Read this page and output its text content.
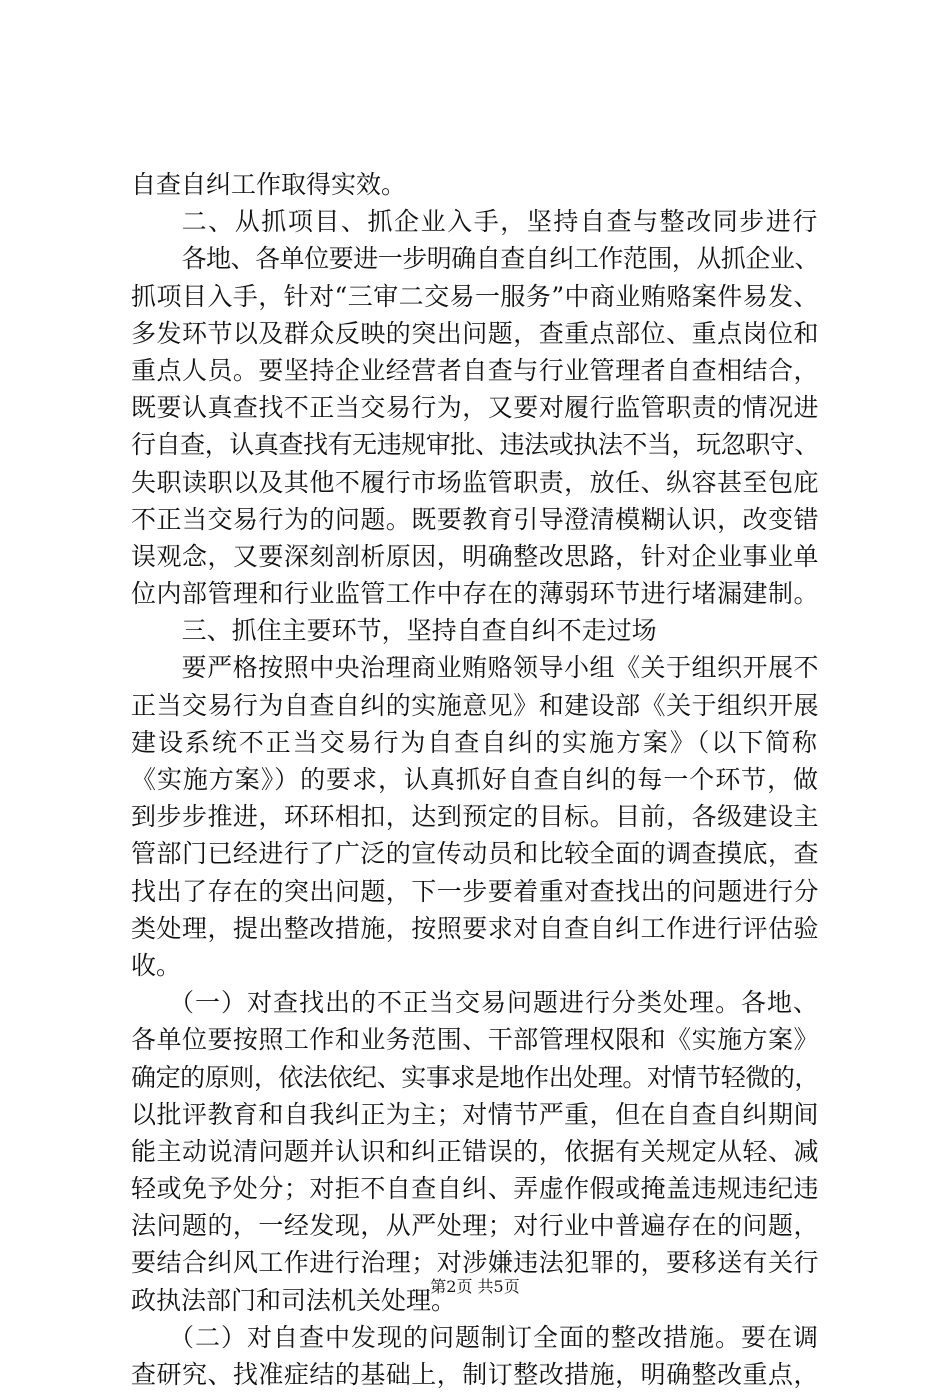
自查自纠工作取得实效。
二、从抓项目、抓企业入手，坚持自查与整改同步进行
各地、各单位要进一步明确自查自纠工作范围，从抓企业、
抓项目入手，针对“三审二交易一服务”中商业贿赂案件易发、
多发环节以及群众反映的突出问题，查重点部位、重点岗位和
重点人员。要坚持企业经营者自查与行业管理者自查相结合，
既要认真查找不正当交易行为，又要对履行监管职责的情况进
行自查，认真查找有无违规审批、违法或执法不当，玩忽职守、
失职读职以及其他不履行市场监管职责，放任、纵容甚至包庇
不正当交易行为的问题。既要教育引导澄清模糊认识，改变错
误观念，又要深刻剖析原因，明确整改思路，针对企业事业单
位内部管理和行业监管工作中存在的薄弱环节进行堵漏建制。
三、抓住主要环节，坚持自查自纠不走过场
要严格按照中央治理商业贿赂领导小组《关于组织开展不
正当交易行为自查自纠的实施意见》和建设部《关于组织开展
建设系统不正当交易行为自查自纠的实施方案》（以下简称
《实施方案》）的要求，认真抓好自查自纠的每一个环节，做
到步步推进，环环相扣，达到预定的目标。目前，各级建设主
管部门已经进行了广泛的宣传动员和比较全面的调查摸底，查
找出了存在的突出问题，下一步要着重对查找出的问题进行分
类处理，提出整改措施，按照要求对自查自纠工作进行评估验
收。
（一）对查找出的不正当交易问题进行分类处理。各地、
各单位要按照工作和业务范围、干部管理权限和《实施方案》
确定的原则，依法依纪、实事求是地作出处理。对情节轻微的，
以批评教育和自我纠正为主；对情节严重，但在自查自纠期间
能主动说清问题并认识和纠正错误的，依据有关规定从轻、减
轻或免予处分；对拒不自查自纠、弄虚作假或掩盖违规违纪违
法问题的，一经发现，从严处理；对行业中普遍存在的问题，
要结合纠风工作进行治理；对涉嫌违法犯罪的，要移送有关行
政执法部门和司法机关处理。
（二）对自查中发现的问题制订全面的整改措施。要在调
查研究、找准症结的基础上，制订整改措施，明确整改重点，
第2页 共5页
